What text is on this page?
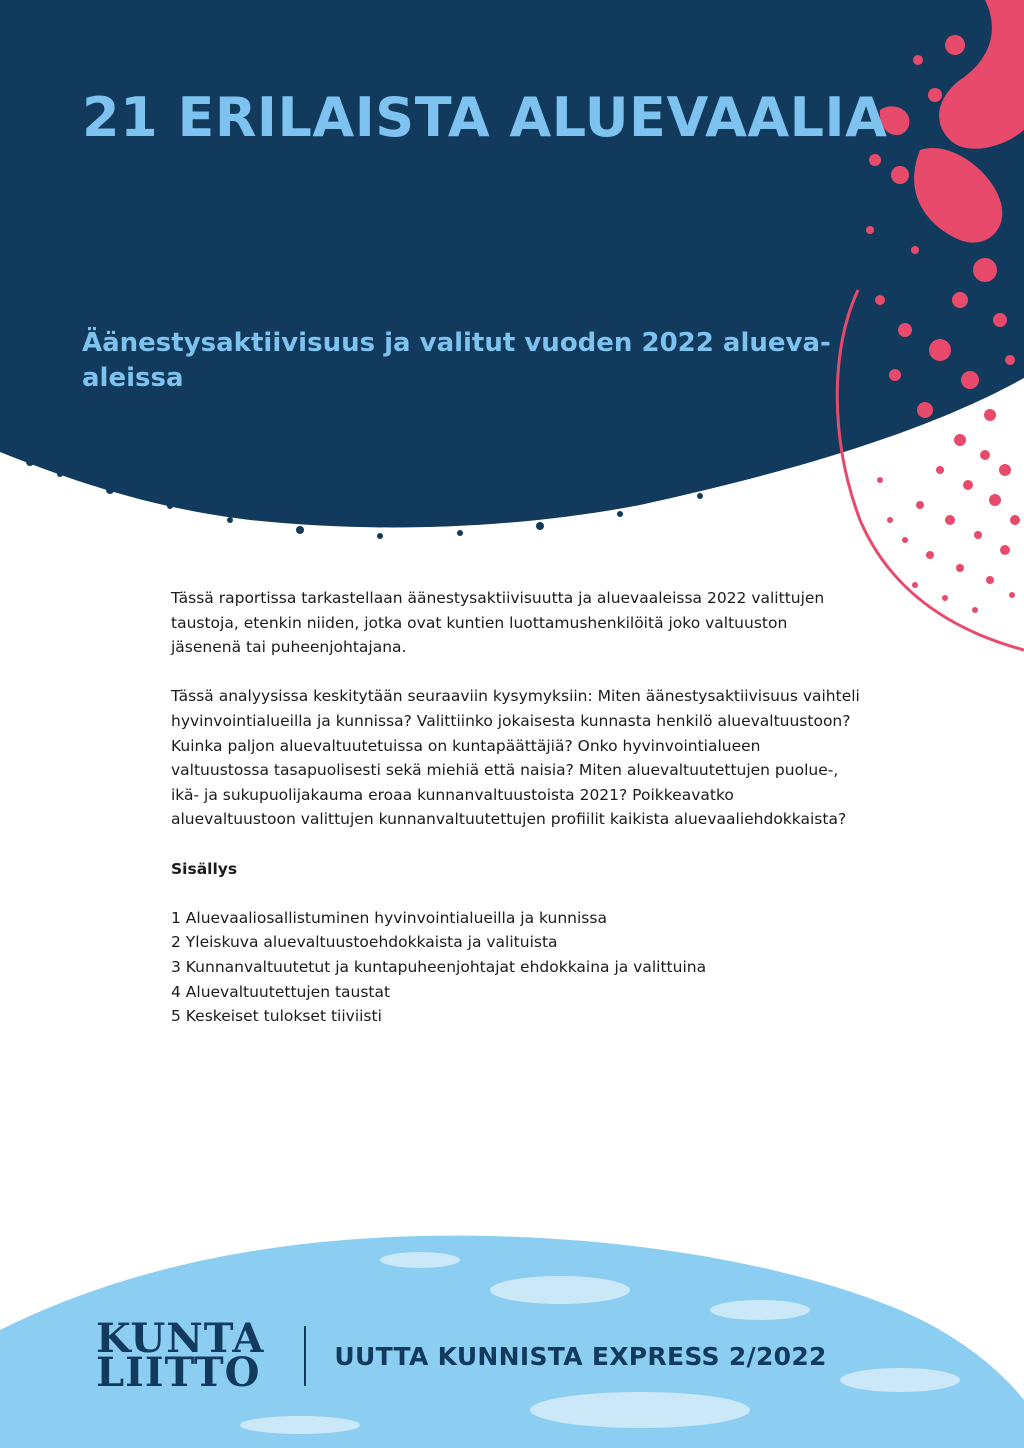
21 ERILAISTA ALUEVAALIA
Äänestysaktiivisuus ja valitut vuoden 2022 aluevaaleissa

Tässä raportissa tarkastellaan äänestysaktiivisuutta ja aluevaaleissa 2022 valittujen taustoja, etenkin niiden, jotka ovat kuntien luottamushenkilöitä joko valtuuston jäsenenä tai puheenjohtajana.

Tässä analyysissa keskitytään seuraaviin kysymyksiin: Miten äänestysaktiivisuus vaihteli hyvinvointialueilla ja kunnissa? Valittiinko jokaisesta kunnasta henkilö aluevaltuustoon? Kuinka paljon aluevaltuutetuissa on kuntapäättäjiä? Onko hyvinvointialueen valtuustossa tasapuolisesti sekä miehiä että naisia? Miten aluevaltuutettujen puolue-, ikä- ja sukupuolijakauma eroaa kunnanvaltuustoista 2021? Poikkeavatko aluevaltuustoon valittujen kunnanvaltuutettujen profiilit kaikista aluevaaliehdokkaista?

Sisällys

1 Aluevaaliosallistuminen hyvinvointialueilla ja kunnissa
2 Yleiskuva aluevaltuustoehdokkaista ja valituista
3 Kunnanvaltuutetut ja kuntapuheenjohtajat ehdokkaina ja valittuina
4 Aluevaltuutettujen taustat
5 Keskeiset tulokset tiiviisti
KUNTA
LIITTO	UUTTA KUNNISTA EXPRESS 2/2022
